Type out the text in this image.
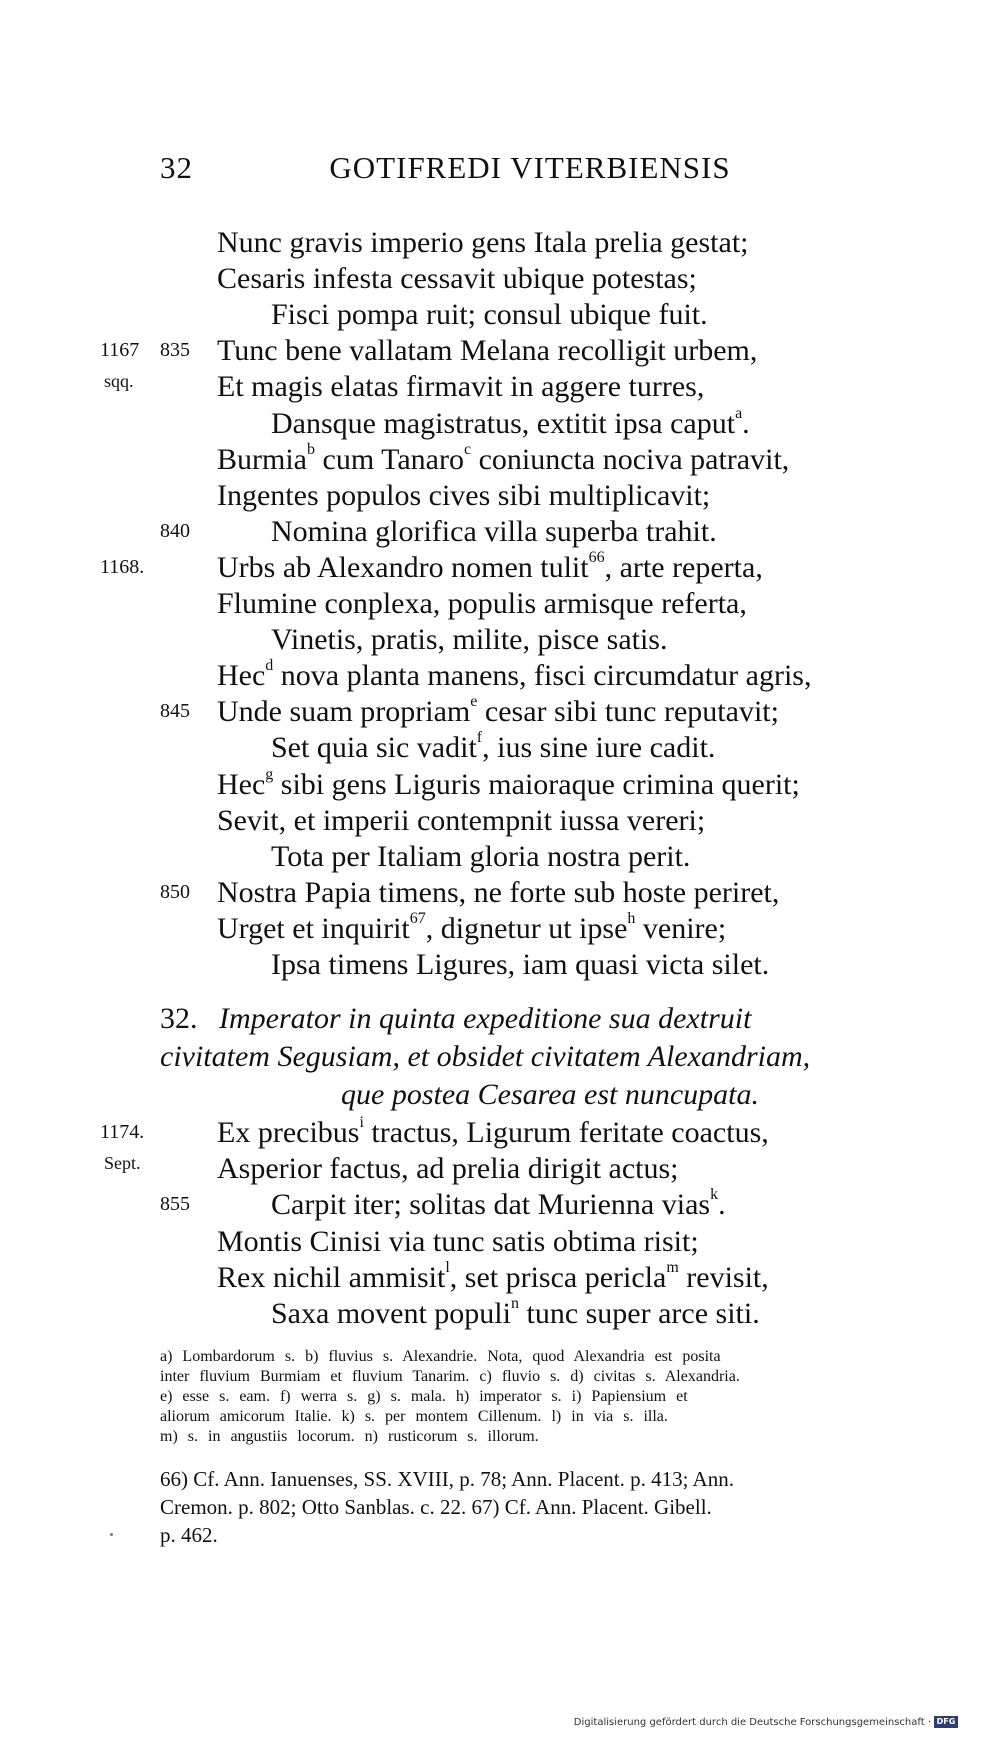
32	GOTIFREDI VITERBIENSIS
Nunc gravis imperio gens Itala prelia gestat;
Cesaris infesta cessavit ubique potestas;
Fisci pompa ruit; consul ubique fuit.
1167 835 Tunc bene vallatam Melana recolligit urbem,
sqq.	Et magis elatas firmavit in aggere turres,
Dansque magistratus, extitit ipsa caput$^a$.
Burmia$^b$ cum Tanaro$^c$ coniuncta nociva patravit,
Ingentes populos cives sibi multiplicavit;
840	Nomina glorifica villa superba trahit.
1168. Urbs ab Alexandro nomen tulit$^{66}$, arte reperta,
Flumine conplexa, populis armisque referta,
Vinetis, pratis, milite, pisce satis.
Hec$^d$ nova planta manens, fisci circumdatur agris,
845 Unde suam propriam$^e$ cesar sibi tunc reputavit;
Set quia sic vadit$^f$, ius sine iure cadit.
Hec$^g$ sibi gens Liguris maioraque crimina querit;
Sevit, et imperii contempnit iussa vereri;
Tota per Italiam gloria nostra perit.
850 Nostra Papia timens, ne forte sub hoste periret,
Urget et inquirit$^{67}$, dignetur ut ipse$^h$ venire;
Ipsa timens Ligures, iam quasi victa silet.
32. Imperator in quinta expeditione sua dextruit
civitatem Segusiam, et obsidet civitatem Alexandriam,
que postea Cesarea est nuncupata.
1174. Ex precibus$^i$ tractus, Ligurum feritate coactus,
Sept.	Asperior factus, ad prelia dirigit actus;
855	Carpit iter; solitas dat Murienna vias$^k$.
Montis Cinisi via tunc satis obtima risit;
Rex nichil ammisit$^l$, set prisca pericla$^m$ revisit,
Saxa movent populi$^n$ tunc super arce siti.
a) Lombardorum s. b) fluvius s. Alexandrie. Nota, quod Alexandria est posita
inter fluvium Burmiam et fluvium Tanarim. c) fluvio s. d) civitas s. Alexandria.
e) esse s. eam. f) werra s. g) s. mala. h) imperator s. i) Papiensium et
aliorum amicorum Italie. k) s. per montem Cillenum. l) in via s. illa.
m) s. in angustiis locorum. n) rusticorum s. illorum.
66) Cf. Ann. Ianuenses, SS. XVIII, p. 78; Ann. Placent. p. 413; Ann.
Cremon. p. 802; Otto Sanblas. c. 22. 67) Cf. Ann. Placent. Gibell.
p. 462.
Digitalisierung gefördert durch die Deutsche Forschungsgemeinschaft · DFG
